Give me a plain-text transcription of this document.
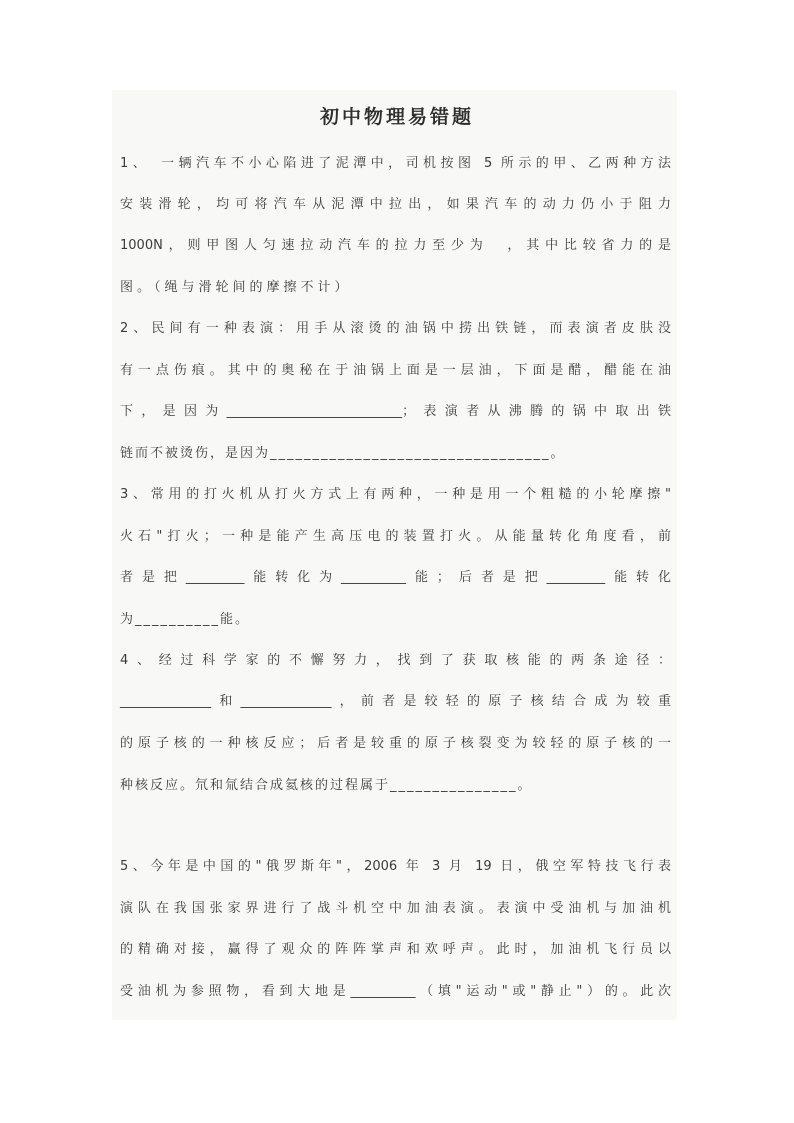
初中物理易错题
1、　一辆汽车不小心陷进了泥潭中，司机按图 5 所示的甲、乙两种方法
安装滑轮，均可将汽车从泥潭中拉出，如果汽车的动力仍小于阻力
1000N，则甲图人匀速拉动汽车的拉力至少为　，其中比较省力的是
图。（绳与滑轮间的摩擦不计）
2、民间有一种表演：用手从滚烫的油锅中捞出铁链，而表演者皮肤没
有一点伤痕。其中的奥秘在于油锅上面是一层油，下面是醋，醋能在油
下，是因为___________________________；表演者从沸腾的锅中取出铁
链而不被烫伤，是因为_________________________________。
3、常用的打火机从打火方式上有两种，一种是用一个粗糙的小轮摩擦"
火石"打火；一种是能产生高压电的装置打火。从能量转化角度看，前
者是把_________能转化为__________能；后者是把_________能转化
为__________能。
4、经过科学家的不懈努力，找到了获取核能的两条途径：
______________和______________，前者是较轻的原子核结合成为较重
的原子核的一种核反应；后者是较重的原子核裂变为较轻的原子核的一
种核反应。氘和氚结合成氦核的过程属于_______________。
5、今年是中国的"俄罗斯年"，2006 年 3 月 19 日，俄空军特技飞行表
演队在我国张家界进行了战斗机空中加油表演。表演中受油机与加油机
的精确对接，赢得了观众的阵阵掌声和欢呼声。此时，加油机飞行员以
受油机为参照物，看到大地是__________（填"运动"或"静止"）的。此次
